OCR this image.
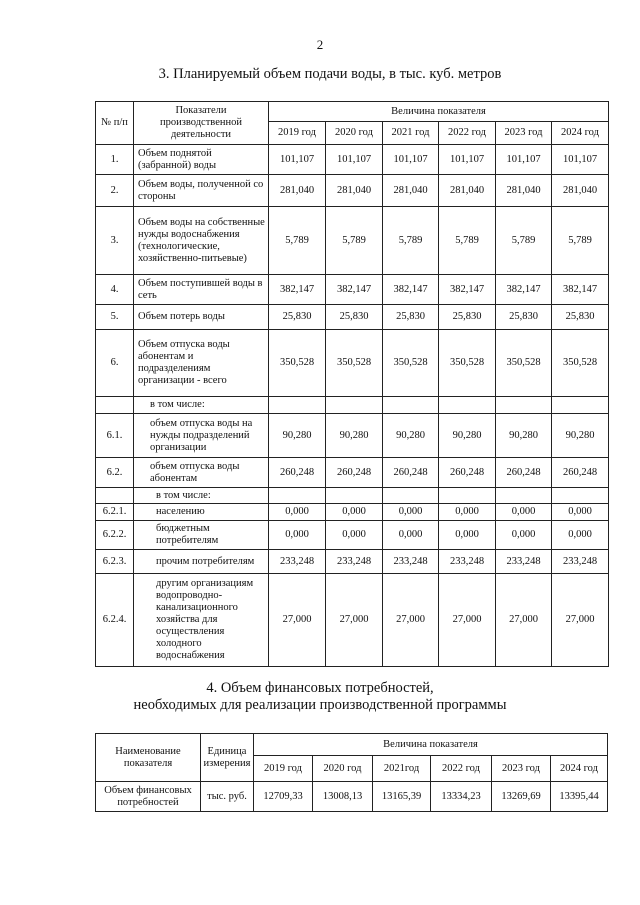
2
3. Планируемый объем подачи воды, в тыс. куб. метров
№ п/п	Показатели производственной деятельности	Величина показателя					
		2019 год	2020 год	2021 год	2022 год	2023 год	2024 год
1.	Объем поднятой (забранной) воды	101,107	101,107	101,107	101,107	101,107	101,107
2.	Объем воды, полученной со стороны	281,040	281,040	281,040	281,040	281,040	281,040
3.	Объем воды на собственные нужды водоснабжения (технологические, хозяйственно-питьевые)	5,789	5,789	5,789	5,789	5,789	5,789
4.	Объем поступившей воды в сеть	382,147	382,147	382,147	382,147	382,147	382,147
5.	Объем потерь воды	25,830	25,830	25,830	25,830	25,830	25,830
6.	Объем отпуска воды абонентам и подразделениям организации - всего	350,528	350,528	350,528	350,528	350,528	350,528
	в том числе:						
6.1.	объем отпуска воды на нужды подразделений организации	90,280	90,280	90,280	90,280	90,280	90,280
6.2.	объем отпуска воды абонентам	260,248	260,248	260,248	260,248	260,248	260,248
	в том числе:						
6.2.1.	населению	0,000	0,000	0,000	0,000	0,000	0,000
6.2.2.	бюджетным потребителям	0,000	0,000	0,000	0,000	0,000	0,000
6.2.3.	прочим потребителям	233,248	233,248	233,248	233,248	233,248	233,248
6.2.4.	другим организациям водопроводно-канализационного хозяйства для осуществления холодного водоснабжения	27,000	27,000	27,000	27,000	27,000	27,000
4. Объем финансовых потребностей,
необходимых для реализации производственной программы
Наименование показателя	Единица измерения	Величина показателя					
		2019 год	2020 год	2021год	2022 год	2023 год	2024 год
Объем финансовых потребностей	тыс. руб.	12709,33	13008,13	13165,39	13334,23	13269,69	13395,44
